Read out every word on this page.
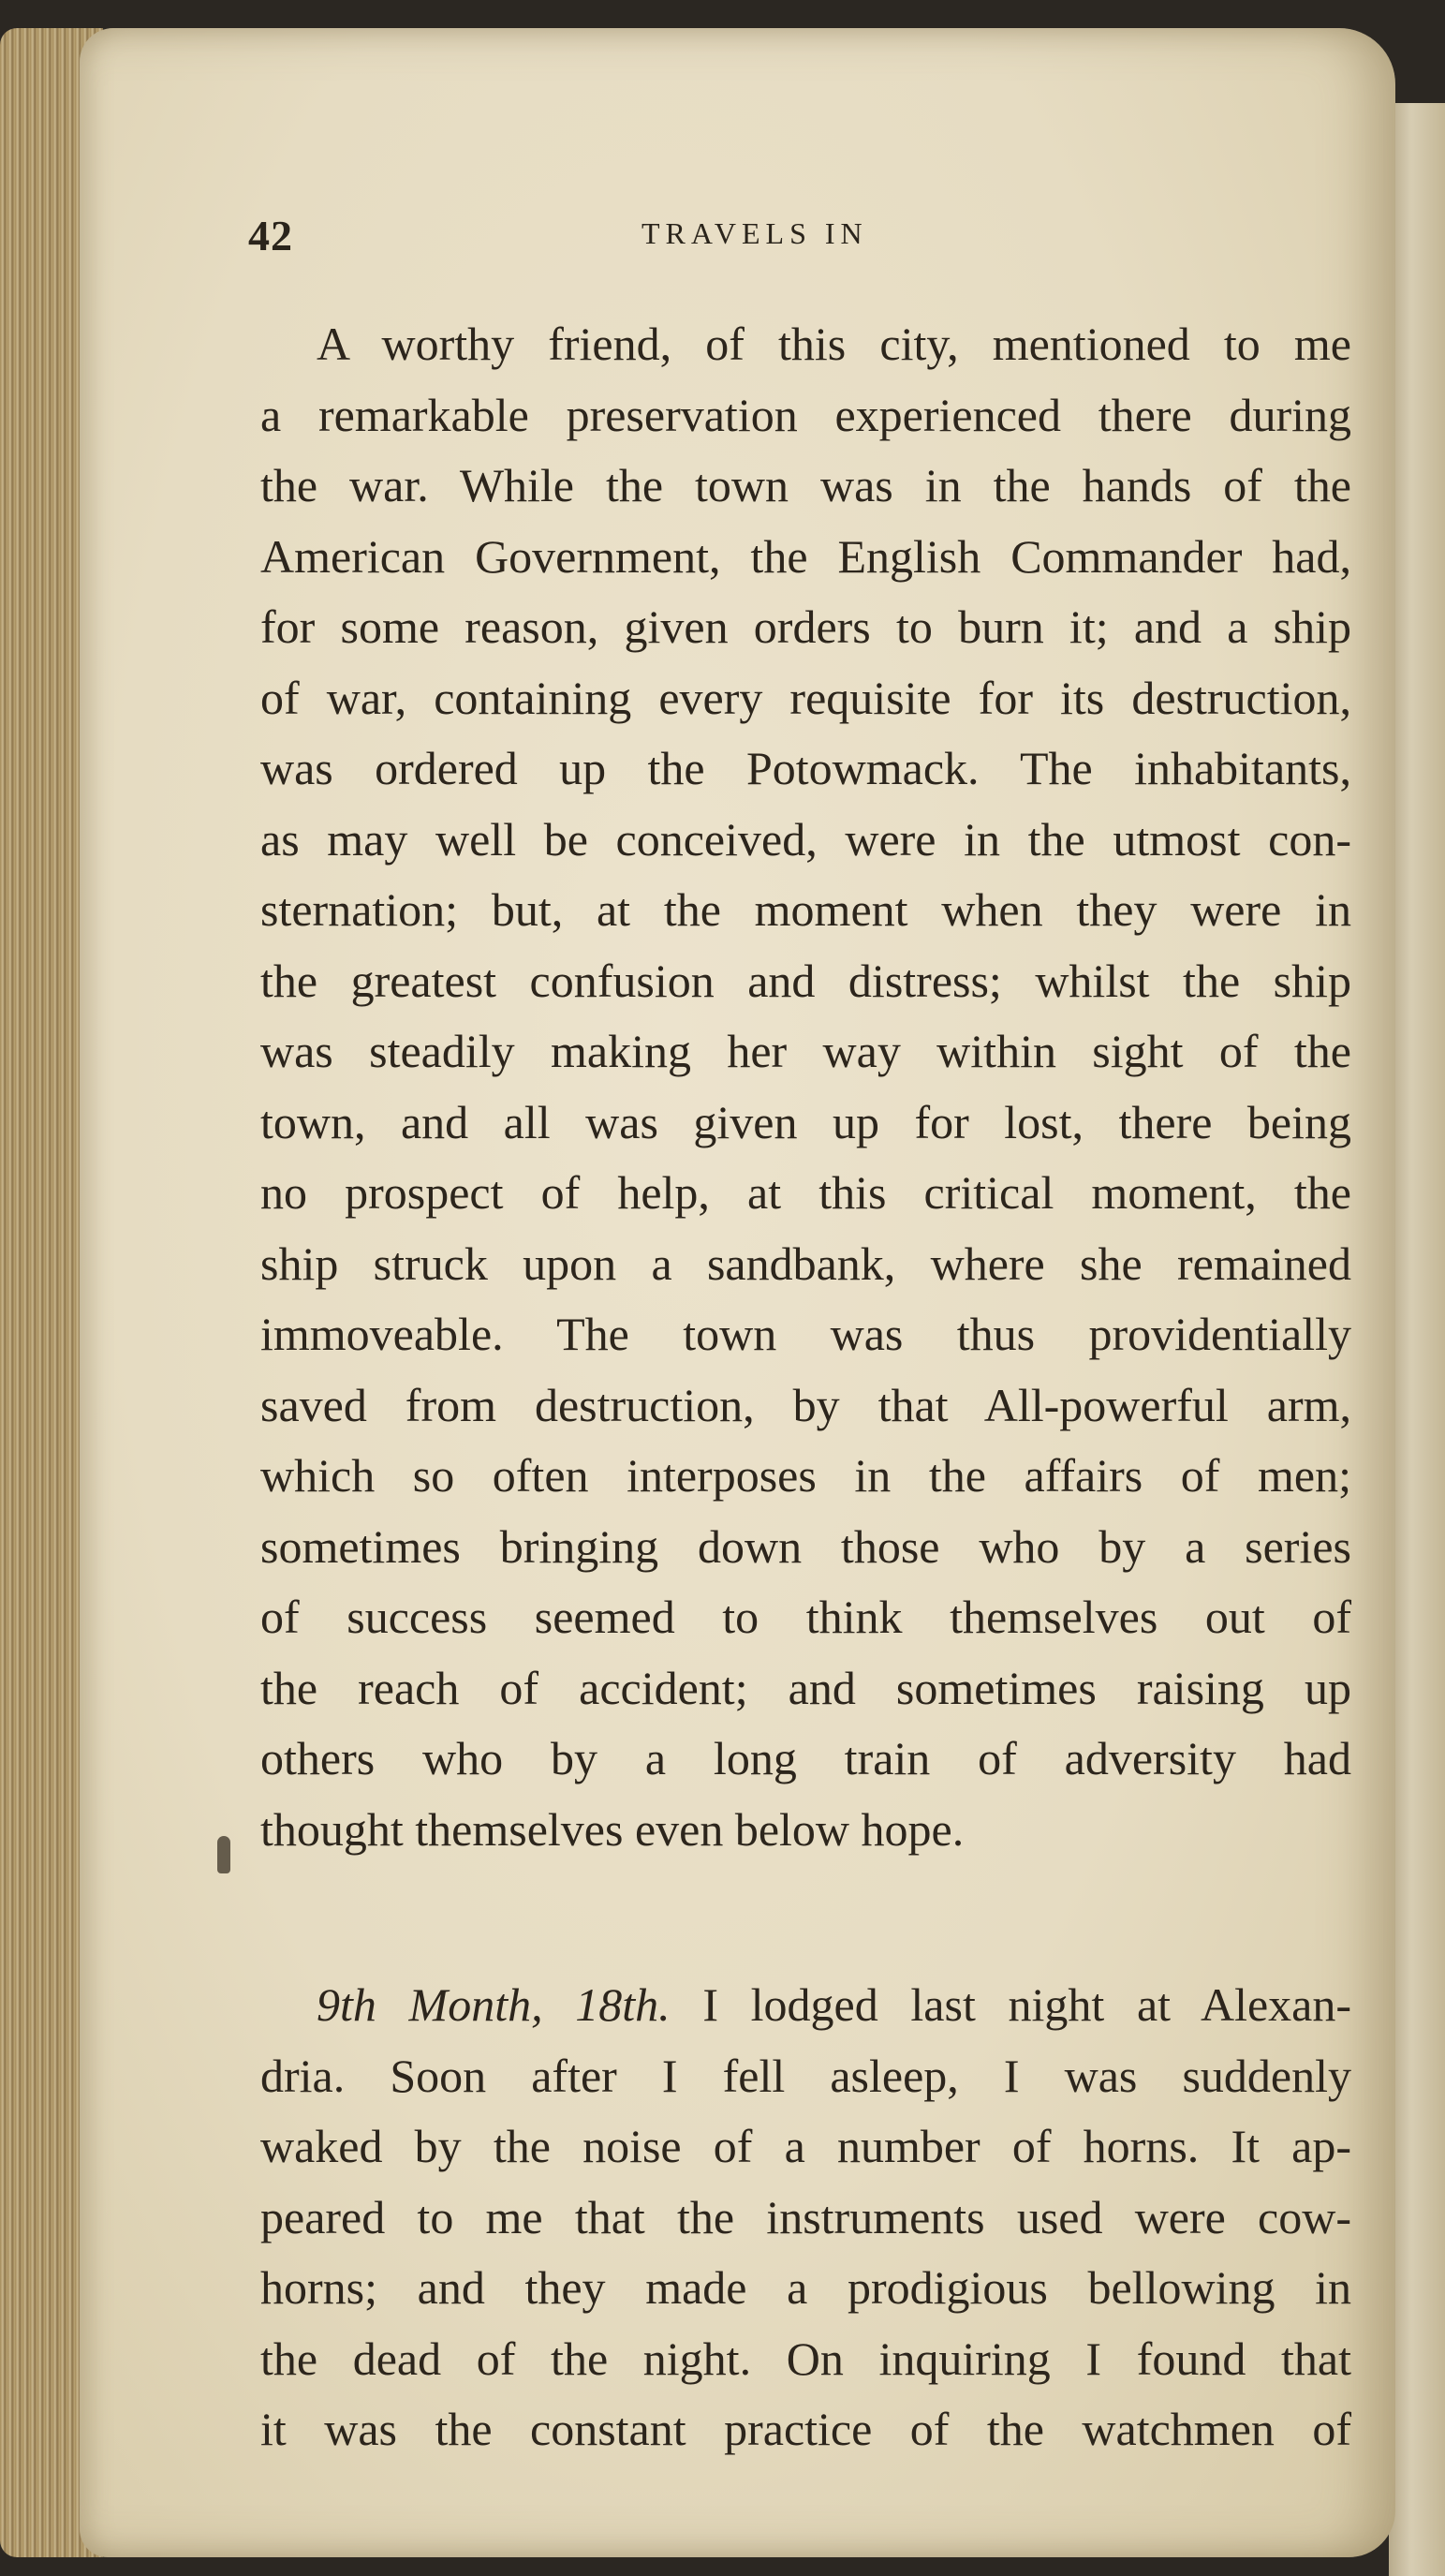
42	TRAVELS IN
A worthy friend, of this city, mentioned to me
a remarkable preservation experienced there during
the war. While the town was in the hands of the
American Government, the English Commander had,
for some reason, given orders to burn it; and a ship
of war, containing every requisite for its destruction,
was ordered up the Potowmack. The inhabitants,
as may well be conceived, were in the utmost con-
sternation; but, at the moment when they were in
the greatest confusion and distress; whilst the ship
was steadily making her way within sight of the
town, and all was given up for lost, there being
no prospect of help, at this critical moment, the
ship struck upon a sandbank, where she remained
immoveable. The town was thus providentially
saved from destruction, by that All-powerful arm,
which so often interposes in the affairs of men;
sometimes bringing down those who by a series
of success seemed to think themselves out of
the reach of accident; and sometimes raising up
others who by a long train of adversity had
thought themselves even below hope.
9th Month, 18th. I lodged last night at Alexan-
dria. Soon after I fell asleep, I was suddenly
waked by the noise of a number of horns. It ap-
peared to me that the instruments used were cow-
horns; and they made a prodigious bellowing in
the dead of the night. On inquiring I found that
it was the constant practice of the watchmen of
